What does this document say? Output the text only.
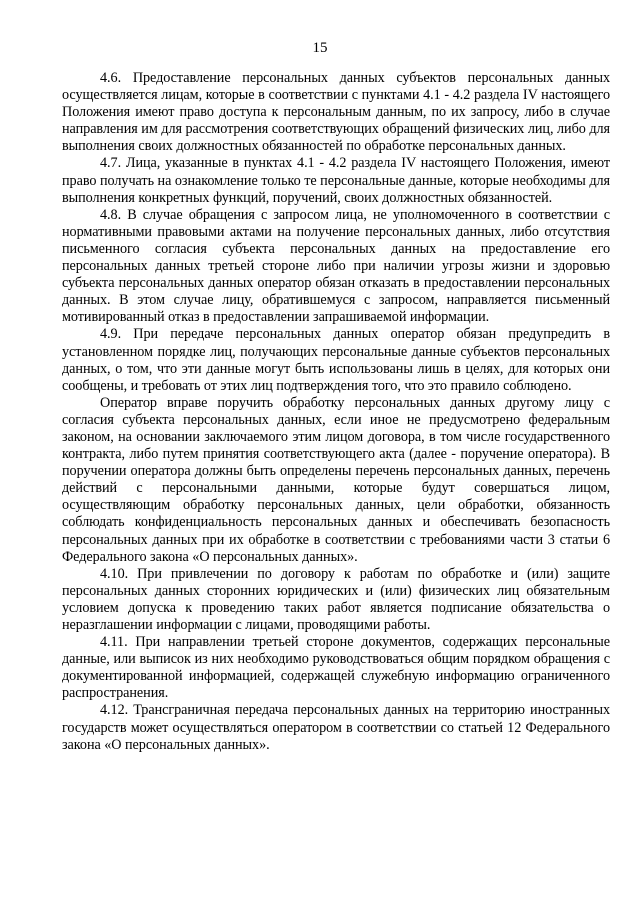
15

4.6. Предоставление персональных данных субъектов персональных данных осуществляется лицам, которые в соответствии с пунктами 4.1 - 4.2 раздела IV настоящего Положения имеют право доступа к персональным данным, по их запросу, либо в случае направления им для рассмотрения соответствующих обращений физических лиц, либо для выполнения своих должностных обязанностей по обработке персональных данных.

4.7. Лица, указанные в пунктах 4.1 - 4.2 раздела IV настоящего Положения, имеют право получать на ознакомление только те персональные данные, которые необходимы для выполнения конкретных функций, поручений, своих должностных обязанностей.

4.8. В случае обращения с запросом лица, не уполномоченного в соответствии с нормативными правовыми актами на получение персональных данных, либо отсутствия письменного согласия субъекта персональных данных на предоставление его персональных данных третьей стороне либо при наличии угрозы жизни и здоровью субъекта персональных данных оператор обязан отказать в предоставлении персональных данных. В этом случае лицу, обратившемуся с запросом, направляется письменный мотивированный отказ в предоставлении запрашиваемой информации.

4.9. При передаче персональных данных оператор обязан предупредить в установленном порядке лиц, получающих персональные данные субъектов персональных данных, о том, что эти данные могут быть использованы лишь в целях, для которых они сообщены, и требовать от этих лиц подтверждения того, что это правило соблюдено.

Оператор вправе поручить обработку персональных данных другому лицу с согласия субъекта персональных данных, если иное не предусмотрено федеральным законом, на основании заключаемого этим лицом договора, в том числе государственного контракта, либо путем принятия соответствующего акта (далее - поручение оператора). В поручении оператора должны быть определены перечень персональных данных, перечень действий с персональными данными, которые будут совершаться лицом, осуществляющим обработку персональных данных, цели обработки, обязанность соблюдать конфиденциальность персональных данных и обеспечивать безопасность персональных данных при их обработке в соответствии с требованиями части 3 статьи 6 Федерального закона «О персональных данных».

4.10. При привлечении по договору к работам по обработке и (или) защите персональных данных сторонних юридических и (или) физических лиц обязательным условием допуска к проведению таких работ является подписание обязательства о неразглашении информации с лицами, проводящими работы.

4.11. При направлении третьей стороне документов, содержащих персональные данные, или выписок из них необходимо руководствоваться общим порядком обращения с документированной информацией, содержащей служебную информацию ограниченного распространения.

4.12. Трансграничная передача персональных данных на территорию иностранных государств может осуществляться оператором в соответствии со статьей 12 Федерального закона «О персональных данных».
